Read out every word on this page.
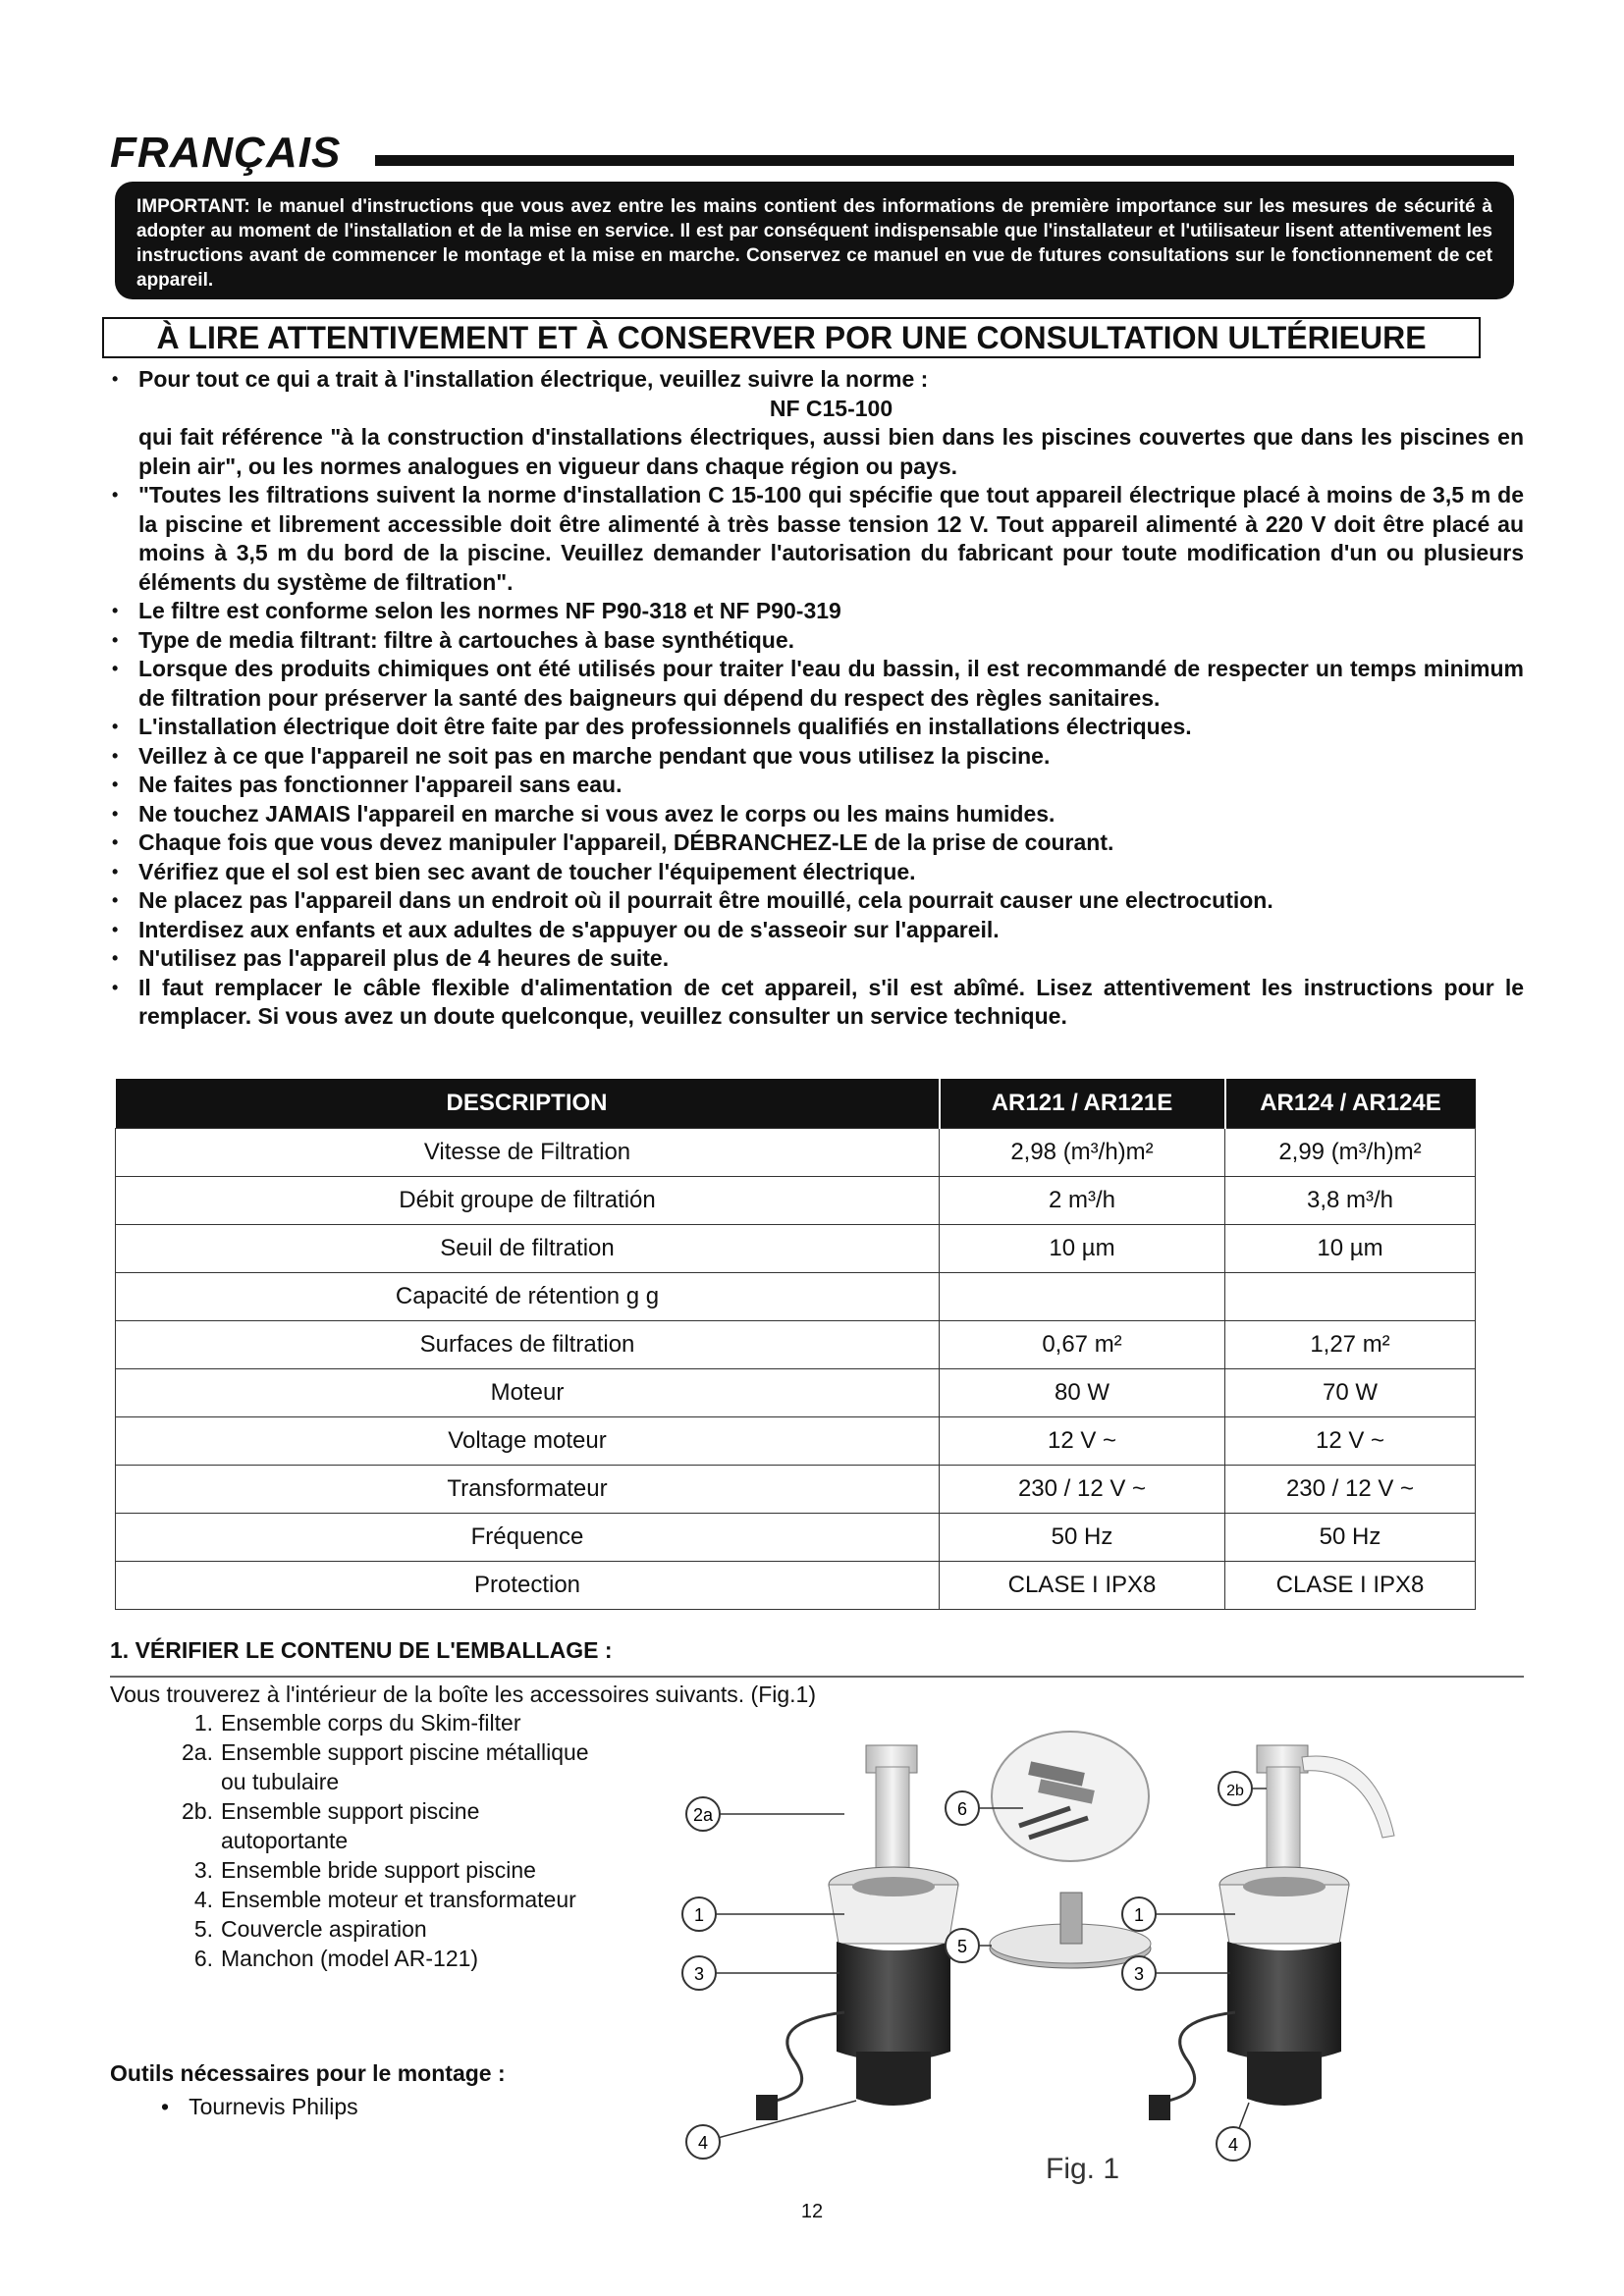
FRANÇAIS
IMPORTANT: le manuel d'instructions que vous avez entre les mains contient des informations de première importance sur les mesures de sécurité à adopter au moment de l'installation et de la mise en service. Il est par conséquent indispensable que l'installateur et l'utilisateur lisent attentivement les instructions avant de commencer le montage et la mise en marche. Conservez ce manuel en vue de futures consultations sur le fonctionnement de cet appareil.
À LIRE ATTENTIVEMENT ET À CONSERVER POR UNE CONSULTATION ULTÉRIEURE
• Pour tout ce qui a trait à l'installation électrique, veuillez suivre la norme :
NF C15-100
qui fait référence "à la construction d'installations électriques, aussi bien dans les piscines couvertes que dans les piscines en plein air", ou les normes analogues en vigueur dans chaque région ou pays.
• "Toutes les filtrations suivent la norme d'installation C 15-100 qui spécifie que tout appareil électrique placé à moins de 3,5 m de la piscine et librement accessible doit être alimenté à très basse tension 12 V. Tout appareil alimenté à 220 V doit être placé au moins à 3,5 m du bord de la piscine. Veuillez demander l'autorisation du fabricant pour toute modification d'un ou plusieurs éléments du système de filtration".
• Le filtre est conforme selon les normes NF P90-318 et NF P90-319
• Type de media filtrant: filtre à cartouches à base synthétique.
• Lorsque des produits chimiques ont été utilisés pour traiter l'eau du bassin, il est recommandé de respecter un temps minimum de filtration pour préserver la santé des baigneurs qui dépend du respect des règles sanitaires.
• L'installation électrique doit être faite par des professionnels qualifiés en installations électriques.
• Veillez à ce que l'appareil ne soit pas en marche pendant que vous utilisez la piscine.
• Ne faites pas fonctionner l'appareil sans eau.
• Ne touchez JAMAIS l'appareil en marche si vous avez le corps ou les mains humides.
• Chaque fois que vous devez manipuler l'appareil, DÉBRANCHEZ-LE de la prise de courant.
• Vérifiez que el sol est bien sec avant de toucher l'équipement électrique.
• Ne placez pas l'appareil dans un endroit où il pourrait être mouillé, cela pourrait causer une electrocution.
• Interdisez aux enfants et aux adultes de s'appuyer ou de s'asseoir sur l'appareil.
• N'utilisez pas l'appareil plus de 4 heures de suite.
• Il faut remplacer le câble flexible d'alimentation de cet appareil, s'il est abîmé. Lisez attentivement les instructions pour le remplacer. Si vous avez un doute quelconque, veuillez consulter un service technique.
DESCRIPTION	AR121 / AR121E	AR124 / AR124E
Vitesse de Filtration	2,98 (m³/h)m²	2,99 (m³/h)m²
Débit groupe de filtratión	2 m³/h	3,8 m³/h
Seuil de filtration	10 µm	10 µm
Capacité de rétention g g		
Surfaces de filtration	0,67 m²	1,27 m²
Moteur	80 W	70 W
Voltage moteur	12 V ~	12 V ~
Transformateur	230 / 12 V ~	230 / 12 V ~
Fréquence	50 Hz	50 Hz
Protection	CLASE I IPX8	CLASE I IPX8
1. VÉRIFIER LE CONTENU DE L'EMBALLAGE :
Vous trouverez à l'intérieur de la boîte les accessoires suivants. (Fig.1)
1. Ensemble corps du Skim-filter
2a. Ensemble support piscine métallique
ou tubulaire
2b. Ensemble support piscine
autoportante
3. Ensemble bride support piscine
4. Ensemble moteur et transformateur
5. Couvercle aspiration
6. Manchon (model AR-121)
Outils nécessaires pour le montage :
• Tournevis Philips
2a
1
3
4
6
5
2b
1
3
4
Fig. 1
12
